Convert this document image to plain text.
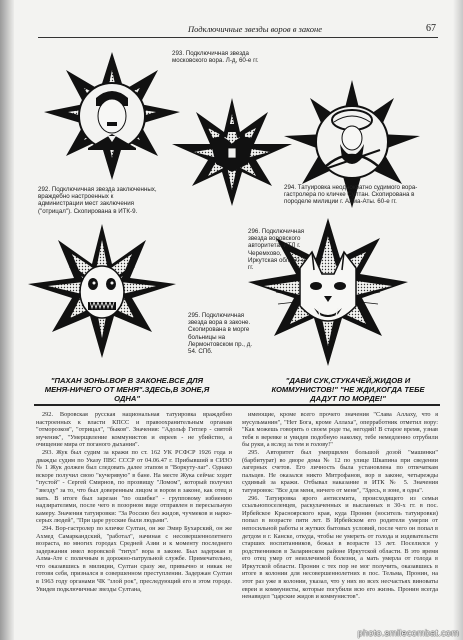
Подключичные звезды воров в законе	67
293. Подключичная звезда московского вора. Л-д, 60-е гг.
292. Подключичная звезда заключенных, враждебно настроенных к администрации мест заключения ("отрицал"). Скопирована в ИТК-9.
294. Татуировка неоднократно судимого вора-гастролера по кличке Султан. Скопирована в породеле милиции г. Алма-Аты. 60-е гг.
296. Подключичная звезда воровского авторитета. ИТЛ г. Черемхово, Иркутская обл. 50-е гг.
295. Подключичная звезда вора в законе. Скопирована в морге больницы на Лермонтовском пр., д. 54. СПб.
"ПАХАН ЗОНЫ.ВОР В ЗАКОНЕ.ВСЕ ДЛЯ МЕНЯ-НИЧЕГО ОТ МЕНЯ".ЗДЕСЬ,В ЗОНЕ,Я ОДНА"
"ДАВИ СУК,СТУКАЧЕЙ,ЖИДОВ И КОММУНИСТОВ!" "НЕ ЖДИ,КОГДА ТЕБЕ ДАДУТ ПО МОРДЕ!"

292. Воровская русская национальная татуировка враждебно настроенных к власти КПСС и правоохранительным органам "отморозков", "отрицал", "быков". Значения: "Адольф Гитлер - святой мученик", "Умерщвление коммунистов и евреев - не убийство, а очищение мира от поганого дыхания".

293. Жук был судим за кражи по ст. 162 УК РСФСР 1926 года и дважды судим по Указу ПВС СССР от 04.06.47 г. Прибывший в СИЗО № 1 Жук должен был следовать далее этапом в "Воркуту-лаг". Однако вскоре получил свою "кучерявую" в бане. На месте Жука сейчас ходит "пустой" - Сергей Смирнов, по прозвищу "Ломом", который получил "звезду" за то, что был доверенным лицом и вором в законе, как отец и мать. В итоге был зарезан "по ошибке" - групповому избиению надзирателями, после чего в позорном виде отправлен в пересыльную камеру. Значения татуировки: "За Россию без жидов, чучмеков и нарко-серых людей", "При царе русские были людьми".

294. Вор-гастролер по кличке Султан, он же Эмир Бухарский, он же Ахмед Самаркандский, "работал", начиная с несовершеннолетнего возраста, во многих городах Средней Азии и к моменту последнего задержания имел воровской "титул" вора в законе. Был задержан в Алма-Ате с поличным в дорожно-патрульной службе. Примечательно, что оказавшись в милиции, Султан сразу же, привычно и никак не готовя себя, признался в совершенном преступлении. Задержан Султан в 1963 году органами ЧК "злой рок", преследующий его в этом городе. Увидев подключичные звезды Султана,

имеющие, кроме всего прочего значения "Слава Аллаху, что я мусульманин", "Нет Бога, кроме Аллаха", оперработник отметил вору: "Как можешь говорить о своем роде ты, негодяй! В старое время, узнав тебя в веревке и увидев подобную наколку, тебе немедленно отрубили бы руки, а вслед за тем и голову!"

295. Авторитет был умерщвлен большой дозой "машинки" (барбитурат) во дворе дома № 12 по улице Шкапина при сведении лагерных счетов. Его личность была установлена по отпечаткам пальцев. Не оказался никто Митрофанов, вор в законе, четырежды судимый за кражи. Отбывал наказание в ИТК № 5. Значения татуировок: "Все для меня, ничего от меня", "Здесь, в зоне, я одна".

296. Татуировка ярого антисемита, происходящего из семьи ссыльнопоселенцев, раскулаченных и высланных в 30-х гг. в пос. Ирбейское Красноярского края, куда Пронин (носитель татуировки) попал в возрасте пяти лет. В Ирбейском его родители умерли от непосильной работы и жутких бытовых условий, после чего он попал в детдом в г. Канске, откуда, чтобы не умереть от голода и издевательств старших воспитанников, бежал в возрасте 13 лет. Поселился у родственников в Заларинском районе Иркутской области. В это время его отец умер от неизлечимой болезни, а мать умерла от голода в Иркутской области. Пронин с тех пор не мог получить, оказавшись в итоге в колонии для несовершеннолетних в пос. Тельма, Пронин, на этот раз уже в колонии, указал, что у них во всех несчастьях виноваты евреи и коммунисты, которые погубили всю его жизнь. Пронин всегда ненавидел "царские жидов и коммунистов".

photo.smilecombat.com
